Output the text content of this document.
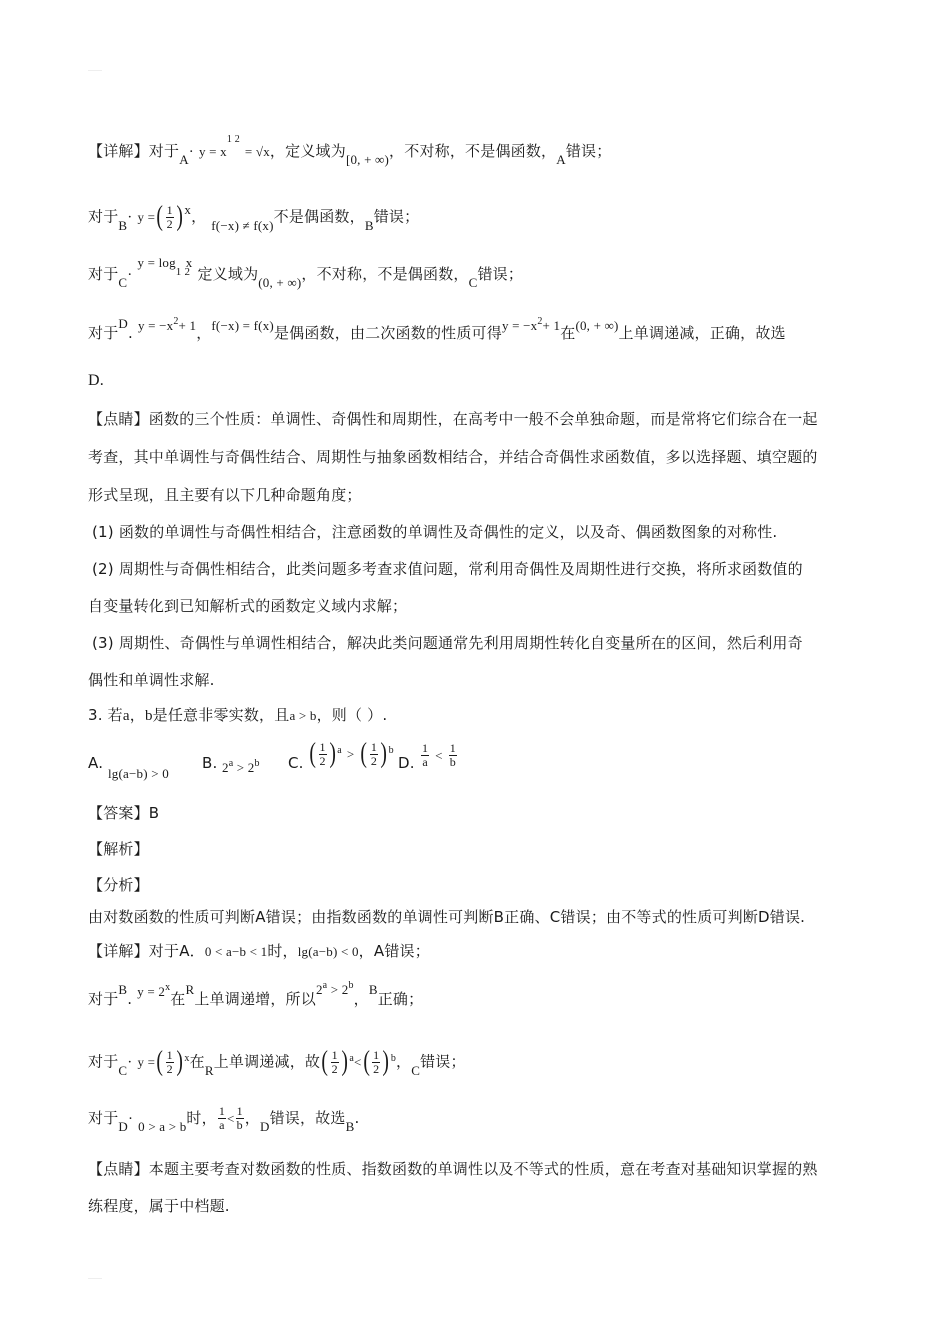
【详解】对于$A\cdot y = x^{1 2} = √x$，定义域为[0, + ∞)，不对称，不是偶函数，A错误；
对于B· y =( $\frac{1}{2} )x$， f(−x) ≠ f(x)不是偶函数，B错误；
对于C· y = log1 2x 定义域为(0, + ∞)，不对称，不是偶函数，C错误；
对于D. $y = -x^2+ 1$，f(−x) = f(x)是偶函数，由二次函数的性质可得$y = -x^2+ 1$在(0, + ∞)上单调递减，正确，故选
D.
【点睛】函数的三个性质：单调性、奇偶性和周期性，在高考中一般不会单独命题，而是常将它们综合在一起
考查，其中单调性与奇偶性结合、周期性与抽象函数相结合，并结合奇偶性求函数值，多以选择题、填空题的
形式呈现，且主要有以下几种命题角度；
(1) 函数的单调性与奇偶性相结合，注意函数的单调性及奇偶性的定义，以及奇、偶函数图象的对称性.
(2) 周期性与奇偶性相结合，此类问题多考查求值问题，常利用奇偶性及周期性进行交换，将所求函数值的
自变量转化到已知解析式的函数定义域内求解；
(3) 周期性、奇偶性与单调性相结合，解决此类问题通常先利用周期性转化自变量所在的区间，然后利用奇
偶性和单调性求解.
3. 若a，b是任意非零实数，且a > b，则（ ）.
A.
lg(a−b) > 0
B. $2^a > 2^b$ C. ( $\frac{1}{2} )^a$ > ( $\frac{1}{2} )^b$
D. $\frac{1}{a} < \frac{1}{b}$
【答案】B
【解析】
【分析】
由对数函数的性质可判断A错误；由指数函数的单调性可判断B正确、C错误；由不等式的性质可判断D错误.
【详解】对于A．0 < a−b < 1时，lg(a−b) < 0，A错误；
对于B. $y = 2^x$在R上单调递增，所以$2^a > 2^b$，B正确；
对于C· y =( $\frac{1}{2} )^x$在R上单调递减，故( $\frac{1}{2} )^a<( \frac{1}{2} )^b$，C错误；
对于D· 0 > a > b时， $\frac{1}{a} < \frac{1}{b}$ ，D错误，故选B.
【点睛】本题主要考查对数函数的性质、指数函数的单调性以及不等式的性质，意在考查对基础知识掌握的熟
练程度，属于中档题.
